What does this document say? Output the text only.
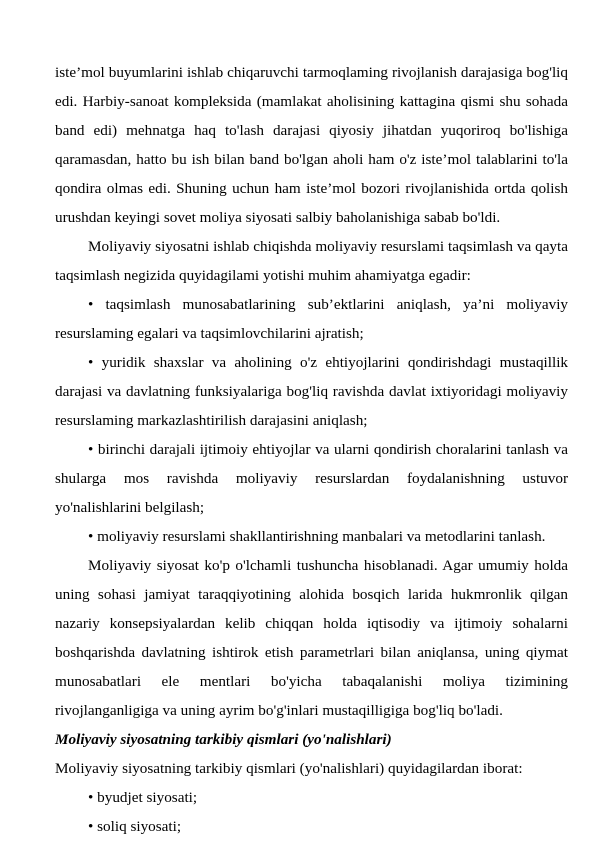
iste’mol buyumlarini ishlab chiqaruvchi tarmoqlaming rivojlanish darajasiga bog'liq edi. Harbiy-sanoat kompleksida (mamlakat aholisining kattagina qismi shu sohada band edi) mehnatga haq to'lash darajasi qiyosiy jihatdan yuqoriroq bo'lishiga qaramasdan, hatto bu ish bilan band bo'lgan aholi ham o'z iste’mol talablarini to'la qondira olmas edi. Shuning uchun ham iste’mol bozori rivojlanishida ortda qolish urushdan keyingi sovet moliya siyosati salbiy baholanishiga sabab bo'ldi.

Moliyaviy siyosatni ishlab chiqishda moliyaviy resurslami taqsimlash va qayta taqsimlash negizida quyidagilami yotishi muhim ahamiyatga egadir:

• taqsimlash munosabatlarining sub’ektlarini aniqlash, ya’ni moliyaviy resurslaming egalari va taqsimlovchilarini ajratish;

• yuridik shaxslar va aholining o'z ehtiyojlarini qondirishdagi mustaqillik darajasi va davlatning funksiyalariga bog'liq ravishda davlat ixtiyoridagi moliyaviy resurslaming markazlashtirilish darajasini aniqlash;

• birinchi darajali ijtimoiy ehtiyojlar va ularni qondirish choralarini tanlash va shularga mos ravishda moliyaviy resurslardan foydalanishning ustuvor yo'nalishlarini belgilash;

• moliyaviy resurslami shakllantirishning manbalari va metodlarini tanlash.

Moliyaviy siyosat ko'p o'lchamli tushuncha hisoblanadi. Agar umumiy holda uning sohasi jamiyat taraqqiyotining alohida bosqich larida hukmronlik qilgan nazariy konsepsiyalardan kelib chiqqan holda iqtisodiy va ijtimoiy sohalarni boshqarishda davlatning ishtirok etish parametrlari bilan aniqlansa, uning qiymat munosabatlari ele mentlari bo'yicha tabaqalanishi moliya tizimining rivojlanganligiga va uning ayrim bo'g'inlari mustaqilligiga bog'liq bo'ladi.

Moliyaviy siyosatning tarkibiy qismlari (yo'nalishlari)

Moliyaviy siyosatning tarkibiy qismlari (yo'nalishlari) quyidagilardan iborat:

• byudjet siyosati;

• soliq siyosati;
